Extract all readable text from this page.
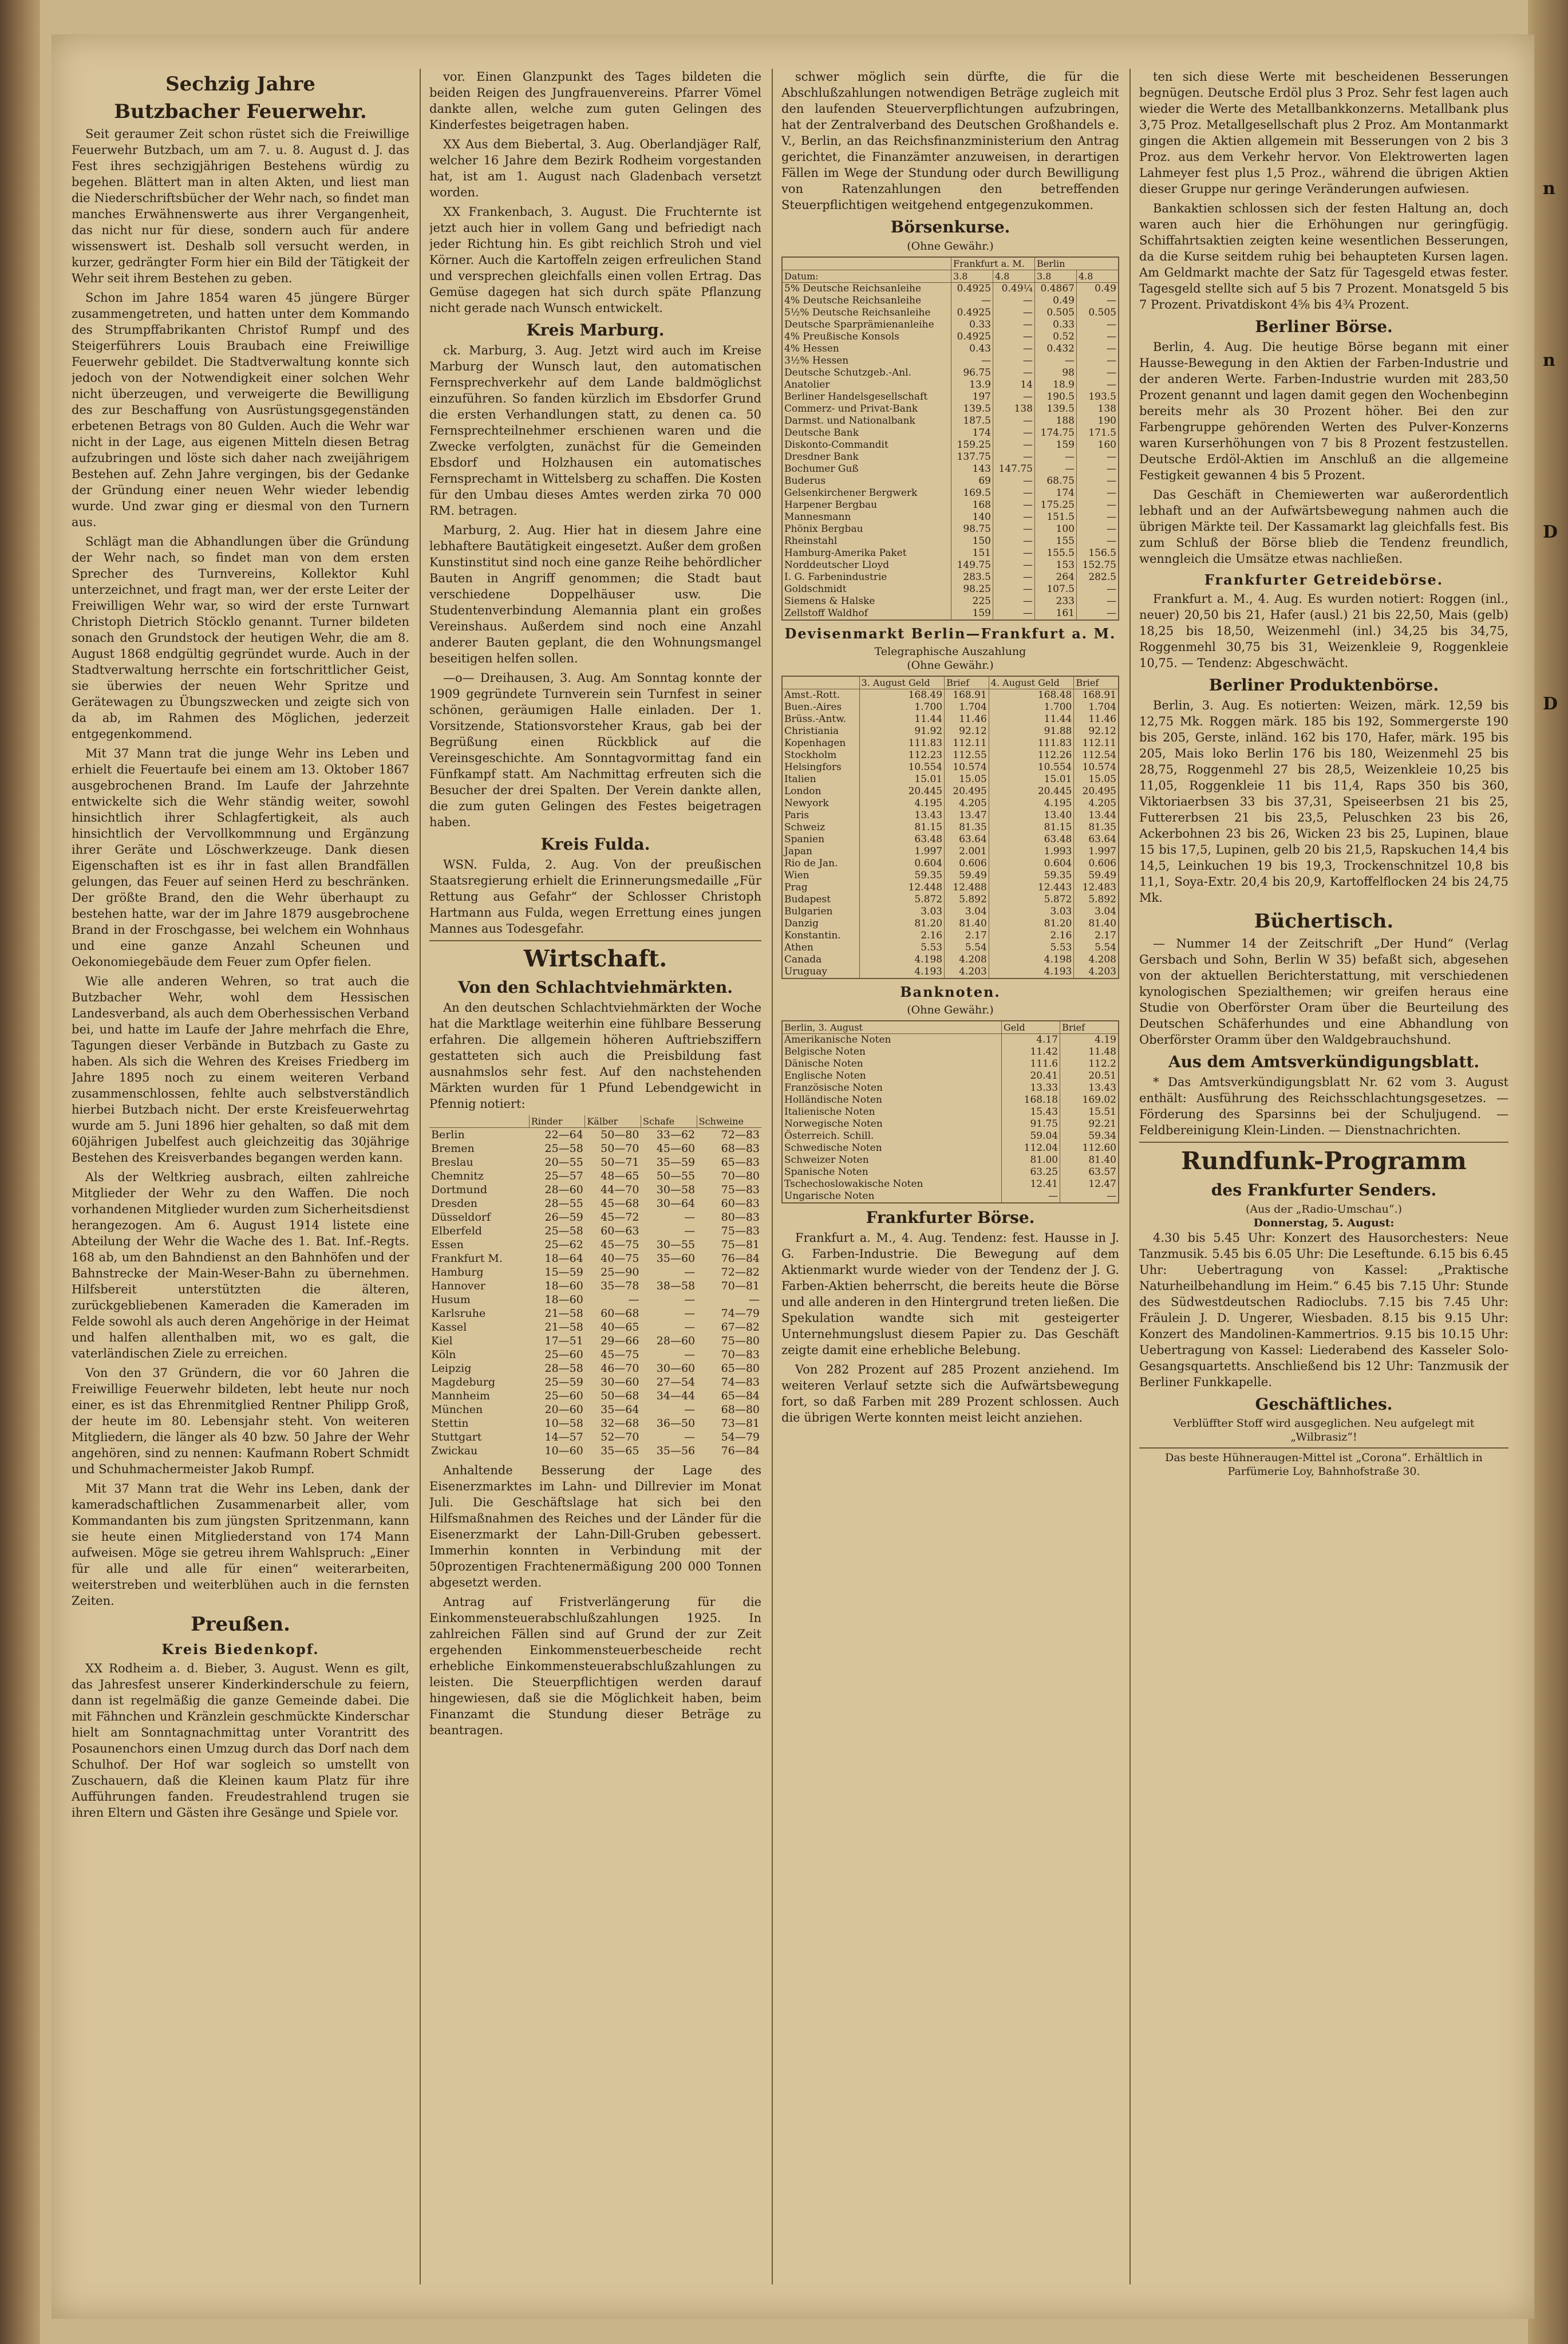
n
n
D
D
Sechzig Jahre
Butzbacher Feuerwehr.

Seit geraumer Zeit schon rüstet sich die Freiwillige Feuerwehr Butzbach, um am 7. u. 8. August d. J. das Fest ihres sechzigjährigen Bestehens würdig zu begehen. Blättert man in alten Akten, und liest man die Niederschriftsbücher der Wehr nach, so findet man manches Erwähnenswerte aus ihrer Vergangenheit, das nicht nur für diese, sondern auch für andere wissenswert ist. Deshalb soll versucht werden, in kurzer, gedrängter Form hier ein Bild der Tätigkeit der Wehr seit ihrem Bestehen zu geben.

Schon im Jahre 1854 waren 45 jüngere Bürger zusammengetreten, und hatten unter dem Kommando des Strumpffabrikanten Christof Rumpf und des Steigerführers Louis Braubach eine Freiwillige Feuerwehr gebildet. Die Stadtverwaltung konnte sich jedoch von der Notwendigkeit einer solchen Wehr nicht überzeugen, und verweigerte die Bewilligung des zur Beschaffung von Ausrüstungsgegenständen erbetenen Betrags von 80 Gulden. Auch die Wehr war nicht in der Lage, aus eigenen Mitteln diesen Betrag aufzubringen und löste sich daher nach zweijährigem Bestehen auf. Zehn Jahre vergingen, bis der Gedanke der Gründung einer neuen Wehr wieder lebendig wurde. Und zwar ging er diesmal von den Turnern aus.

Schlägt man die Abhandlungen über die Gründung der Wehr nach, so findet man von dem ersten Sprecher des Turnvereins, Kollektor Kuhl unterzeichnet, und fragt man, wer der erste Leiter der Freiwilligen Wehr war, so wird der erste Turnwart Christoph Dietrich Stöcklo genannt. Turner bildeten sonach den Grundstock der heutigen Wehr, die am 8. August 1868 endgültig gegründet wurde. Auch in der Stadtverwaltung herrschte ein fortschrittlicher Geist, sie überwies der neuen Wehr Spritze und Gerätewagen zu Übungszwecken und zeigte sich von da ab, im Rahmen des Möglichen, jederzeit entgegenkommend.

Mit 37 Mann trat die junge Wehr ins Leben und erhielt die Feuertaufe bei einem am 13. Oktober 1867 ausgebrochenen Brand. Im Laufe der Jahrzehnte entwickelte sich die Wehr ständig weiter, sowohl hinsichtlich ihrer Schlagfertigkeit, als auch hinsichtlich der Vervollkommnung und Ergänzung ihrer Geräte und Löschwerkzeuge. Dank diesen Eigenschaften ist es ihr in fast allen Brandfällen gelungen, das Feuer auf seinen Herd zu beschränken. Der größte Brand, den die Wehr überhaupt zu bestehen hatte, war der im Jahre 1879 ausgebrochene Brand in der Froschgasse, bei welchem ein Wohnhaus und eine ganze Anzahl Scheunen und Oekonomiegebäude dem Feuer zum Opfer fielen.

Wie alle anderen Wehren, so trat auch die Butzbacher Wehr, wohl dem Hessischen Landesverband, als auch dem Oberhessischen Verband bei, und hatte im Laufe der Jahre mehrfach die Ehre, Tagungen dieser Verbände in Butzbach zu Gaste zu haben. Als sich die Wehren des Kreises Friedberg im Jahre 1895 noch zu einem weiteren Verband zusammenschlossen, fehlte auch selbstverständlich hierbei Butzbach nicht. Der erste Kreisfeuerwehrtag wurde am 5. Juni 1896 hier gehalten, so daß mit dem 60jährigen Jubelfest auch gleichzeitig das 30jährige Bestehen des Kreisverbandes begangen werden kann.

Als der Weltkrieg ausbrach, eilten zahlreiche Mitglieder der Wehr zu den Waffen. Die noch vorhandenen Mitglieder wurden zum Sicherheitsdienst herangezogen. Am 6. August 1914 listete eine Abteilung der Wehr die Wache des 1. Bat. Inf.-Regts. 168 ab, um den Bahndienst an den Bahnhöfen und der Bahnstrecke der Main-Weser-Bahn zu übernehmen. Hilfsbereit unterstützten die älteren, zurückgebliebenen Kameraden die Kameraden im Felde sowohl als auch deren Angehörige in der Heimat und halfen allenthalben mit, wo es galt, die vaterländischen Ziele zu erreichen.

Von den 37 Gründern, die vor 60 Jahren die Freiwillige Feuerwehr bildeten, lebt heute nur noch einer, es ist das Ehrenmitglied Rentner Philipp Groß, der heute im 80. Lebensjahr steht. Von weiteren Mitgliedern, die länger als 40 bzw. 50 Jahre der Wehr angehören, sind zu nennen: Kaufmann Robert Schmidt und Schuhmachermeister Jakob Rumpf.

Mit 37 Mann trat die Wehr ins Leben, dank der kameradschaftlichen Zusammenarbeit aller, vom Kommandanten bis zum jüngsten Spritzenmann, kann sie heute einen Mitgliederstand von 174 Mann aufweisen. Möge sie getreu ihrem Wahlspruch: „Einer für alle und alle für einen“ weiterarbeiten, weiterstreben und weiterblühen auch in die fernsten Zeiten.

Preußen.
Kreis Biedenkopf.

XX Rodheim a. d. Bieber, 3. August. Wenn es gilt, das Jahresfest unserer Kinderkinderschule zu feiern, dann ist regelmäßig die ganze Gemeinde dabei. Die mit Fähnchen und Kränzlein geschmückte Kinderschar hielt am Sonntagnachmittag unter Vorantritt des Posaunenchors einen Umzug durch das Dorf nach dem Schulhof. Der Hof war sogleich so umstellt von Zuschauern, daß die Kleinen kaum Platz für ihre Aufführungen fanden. Freudestrahlend trugen sie ihren Eltern und Gästen ihre Gesänge und Spiele vor.

vor. Einen Glanzpunkt des Tages bildeten die beiden Reigen des Jungfrauenvereins. Pfarrer Vömel dankte allen, welche zum guten Gelingen des Kinderfestes beigetragen haben.

XX Aus dem Biebertal, 3. Aug. Oberlandjäger Ralf, welcher 16 Jahre dem Bezirk Rodheim vorgestanden hat, ist am 1. August nach Gladenbach versetzt worden.

XX Frankenbach, 3. August. Die Fruchternte ist jetzt auch hier in vollem Gang und befriedigt nach jeder Richtung hin. Es gibt reichlich Stroh und viel Körner. Auch die Kartoffeln zeigen erfreulichen Stand und versprechen gleichfalls einen vollen Ertrag. Das Gemüse dagegen hat sich durch späte Pflanzung nicht gerade nach Wunsch entwickelt.

Kreis Marburg.

ck. Marburg, 3. Aug. Jetzt wird auch im Kreise Marburg der Wunsch laut, den automatischen Fernsprechverkehr auf dem Lande baldmöglichst einzuführen. So fanden kürzlich im Ebsdorfer Grund die ersten Verhandlungen statt, zu denen ca. 50 Fernsprechteilnehmer erschienen waren und die Zwecke verfolgten, zunächst für die Gemeinden Ebsdorf und Holzhausen ein automatisches Fernsprechamt in Wittelsberg zu schaffen. Die Kosten für den Umbau dieses Amtes werden zirka 70 000 RM. betragen.

Marburg, 2. Aug. Hier hat in diesem Jahre eine lebhaftere Bautätigkeit eingesetzt. Außer dem großen Kunstinstitut sind noch eine ganze Reihe behördlicher Bauten in Angriff genommen; die Stadt baut verschiedene Doppelhäuser usw. Die Studentenverbindung Alemannia plant ein großes Vereinshaus. Außerdem sind noch eine Anzahl anderer Bauten geplant, die den Wohnungsmangel beseitigen helfen sollen.

—o— Dreihausen, 3. Aug. Am Sonntag konnte der 1909 gegründete Turnverein sein Turnfest in seiner schönen, geräumigen Halle einladen. Der 1. Vorsitzende, Stationsvorsteher Kraus, gab bei der Begrüßung einen Rückblick auf die Vereinsgeschichte. Am Sonntagvormittag fand ein Fünfkampf statt. Am Nachmittag erfreuten sich die Besucher der drei Spalten. Der Verein dankte allen, die zum guten Gelingen des Festes beigetragen haben.

Kreis Fulda.

WSN. Fulda, 2. Aug. Von der preußischen Staatsregierung erhielt die Erinnerungsmedaille „Für Rettung aus Gefahr“ der Schlosser Christoph Hartmann aus Fulda, wegen Errettung eines jungen Mannes aus Todesgefahr.

Wirtschaft.
Von den Schlachtviehmärkten.

An den deutschen Schlachtviehmärkten der Woche hat die Marktlage weiterhin eine fühlbare Besserung erfahren. Die allgemein höheren Auftriebsziffern gestatteten sich auch die Preisbildung fast ausnahmslos sehr fest. Auf den nachstehenden Märkten wurden für 1 Pfund Lebendgewicht in Pfennig notiert:

	Rinder	Kälber	Schafe	Schweine
Berlin	22—64	50—80	33—62	72—83
Bremen	25—58	50—70	45—60	68—83
Breslau	20—55	50—71	35—59	65—83
Chemnitz	25—57	48—65	50—55	70—80
Dortmund	28—60	44—70	30—58	75—83
Dresden	28—55	45—68	30—64	60—83
Düsseldorf	26—59	45—72	—	80—83
Elberfeld	25—58	60—63	—	75—83
Essen	25—62	45—75	30—55	75—81
Frankfurt M.	18—64	40—75	35—60	76—84
Hamburg	15—59	25—90	—	72—82
Hannover	18—60	35—78	38—58	70—81
Husum	18—60	—	—	—
Karlsruhe	21—58	60—68	—	74—79
Kassel	21—58	40—65	—	67—82
Kiel	17—51	29—66	28—60	75—80
Köln	25—60	45—75	—	70—83
Leipzig	28—58	46—70	30—60	65—80
Magdeburg	25—59	30—60	27—54	74—83
Mannheim	25—60	50—68	34—44	65—84
München	20—60	35—64	—	68—80
Stettin	10—58	32—68	36—50	73—81
Stuttgart	14—57	52—70	—	54—79
Zwickau	10—60	35—65	35—56	76—84

Anhaltende Besserung der Lage des Eisenerzmarktes im Lahn- und Dillrevier im Monat Juli. Die Geschäftslage hat sich bei den Hilfsmaßnahmen des Reiches und der Länder für die Eisenerzmarkt der Lahn-Dill-Gruben gebessert. Immerhin konnten in Verbindung mit der 50prozentigen Frachtenermäßigung 200 000 Tonnen abgesetzt werden.

Antrag auf Fristverlängerung für die Einkommensteuerabschlußzahlungen 1925. In zahlreichen Fällen sind auf Grund der zur Zeit ergehenden Einkommensteuerbescheide recht erhebliche Einkommensteuerabschlußzahlungen zu leisten. Die Steuerpflichtigen werden darauf hingewiesen, daß sie die Möglichkeit haben, beim Finanzamt die Stundung dieser Beträge zu beantragen.

schwer möglich sein dürfte, die für die Abschlußzahlungen notwendigen Beträge zugleich mit den laufenden Steuerverpflichtungen aufzubringen, hat der Zentralverband des Deutschen Großhandels e. V., Berlin, an das Reichsfinanzministerium den Antrag gerichtet, die Finanzämter anzuweisen, in derartigen Fällen im Wege der Stundung oder durch Bewilligung von Ratenzahlungen den betreffenden Steuerpflichtigen weitgehend entgegenzukommen.

Börsenkurse.
(Ohne Gewähr.)
	Frankfurt a. M.		Berlin	
Datum:	3.8	4.8	3.8	4.8
5% Deutsche Reichsanleihe	0.4925	0.49¼	0.4867	0.49
4% Deutsche Reichsanleihe	—	—	0.49	—
5½% Deutsche Reichsanleihe	0.4925	—	0.505	0.505
Deutsche Sparprämienanleihe	0.33	—	0.33	—
4% Preußische Konsols	0.4925	—	0.52	—
4% Hessen	0.43	—	0.432	—
3½% Hessen	—	—	—	—
Deutsche Schutzgeb.-Anl.	96.75	—	98	—
Anatolier	13.9	14	18.9	—
Berliner Handelsgesellschaft	197	—	190.5	193.5
Commerz- und Privat-Bank	139.5	138	139.5	138
Darmst. und Nationalbank	187.5	—	188	190
Deutsche Bank	174	—	174.75	171.5
Diskonto-Commandit	159.25	—	159	160
Dresdner Bank	137.75	—	—	—
Bochumer Guß	143	147.75	—	—
Buderus	69	—	68.75	—
Gelsenkirchener Bergwerk	169.5	—	174	—
Harpener Bergbau	168	—	175.25	—
Mannesmann	140	—	151.5	—
Phönix Bergbau	98.75	—	100	—
Rheinstahl	150	—	155	—
Hamburg-Amerika Paket	151	—	155.5	156.5
Norddeutscher Lloyd	149.75	—	153	152.75
I. G. Farbenindustrie	283.5	—	264	282.5
Goldschmidt	98.25	—	107.5	—
Siemens & Halske	225	—	233	—
Zellstoff Waldhof	159	—	161	—
Devisenmarkt Berlin—Frankfurt a. M.
Telegraphische Auszahlung
(Ohne Gewähr.)
	3. August Geld	Brief	4. August Geld	Brief
Amst.-Rott.	168.49	168.91	168.48	168.91
Buen.-Aires	1.700	1.704	1.700	1.704
Brüss.-Antw.	11.44	11.46	11.44	11.46
Christiania	91.92	92.12	91.88	92.12
Kopenhagen	111.83	112.11	111.83	112.11
Stockholm	112.23	112.55	112.26	112.54
Helsingfors	10.554	10.574	10.554	10.574
Italien	15.01	15.05	15.01	15.05
London	20.445	20.495	20.445	20.495
Newyork	4.195	4.205	4.195	4.205
Paris	13.43	13.47	13.40	13.44
Schweiz	81.15	81.35	81.15	81.35
Spanien	63.48	63.64	63.48	63.64
Japan	1.997	2.001	1.993	1.997
Rio de Jan.	0.604	0.606	0.604	0.606
Wien	59.35	59.49	59.35	59.49
Prag	12.448	12.488	12.443	12.483
Budapest	5.872	5.892	5.872	5.892
Bulgarien	3.03	3.04	3.03	3.04
Danzig	81.20	81.40	81.20	81.40
Konstantin.	2.16	2.17	2.16	2.17
Athen	5.53	5.54	5.53	5.54
Canada	4.198	4.208	4.198	4.208
Uruguay	4.193	4.203	4.193	4.203
Banknoten.
(Ohne Gewähr.)
Berlin, 3. August	Geld	Brief
Amerikanische Noten	4.17	4.19
Belgische Noten	11.42	11.48
Dänische Noten	111.6	112.2
Englische Noten	20.41	20.51
Französische Noten	13.33	13.43
Holländische Noten	168.18	169.02
Italienische Noten	15.43	15.51
Norwegische Noten	91.75	92.21
Österreich. Schill.	59.04	59.34
Schwedische Noten	112.04	112.60
Schweizer Noten	81.00	81.40
Spanische Noten	63.25	63.57
Tschechoslowakische Noten	12.41	12.47
Ungarische Noten	—	—
Frankfurter Börse.

Frankfurt a. M., 4. Aug. Tendenz: fest. Hausse in J. G. Farben-Industrie. Die Bewegung auf dem Aktienmarkt wurde wieder von der Tendenz der J. G. Farben-Aktien beherrscht, die bereits heute die Börse und alle anderen in den Hintergrund treten ließen. Die Spekulation wandte sich mit gesteigerter Unternehmungslust diesem Papier zu. Das Geschäft zeigte damit eine erhebliche Belebung.

Von 282 Prozent auf 285 Prozent anziehend. Im weiteren Verlauf setzte sich die Aufwärtsbewegung fort, so daß Farben mit 289 Prozent schlossen. Auch die übrigen Werte konnten meist leicht anziehen.

ten sich diese Werte mit bescheidenen Besserungen begnügen. Deutsche Erdöl plus 3 Proz. Sehr fest lagen auch wieder die Werte des Metallbankkonzerns. Metallbank plus 3,75 Proz. Metallgesellschaft plus 2 Proz. Am Montanmarkt gingen die Aktien allgemein mit Besserungen von 2 bis 3 Proz. aus dem Verkehr hervor. Von Elektrowerten lagen Lahmeyer fest plus 1,5 Proz., während die übrigen Aktien dieser Gruppe nur geringe Veränderungen aufwiesen.

Bankaktien schlossen sich der festen Haltung an, doch waren auch hier die Erhöhungen nur geringfügig. Schiffahrtsaktien zeigten keine wesentlichen Besserungen, da die Kurse seitdem ruhig bei behaupteten Kursen lagen. Am Geldmarkt machte der Satz für Tagesgeld etwas fester. Tagesgeld stellte sich auf 5 bis 7 Prozent. Monatsgeld 5 bis 7 Prozent. Privatdiskont 4⅝ bis 4¾ Prozent.

Berliner Börse.

Berlin, 4. Aug. Die heutige Börse begann mit einer Hausse-Bewegung in den Aktien der Farben-Industrie und der anderen Werte. Farben-Industrie wurden mit 283,50 Prozent genannt und lagen damit gegen den Wochenbeginn bereits mehr als 30 Prozent höher. Bei den zur Farbengruppe gehörenden Werten des Pulver-Konzerns waren Kurserhöhungen von 7 bis 8 Prozent festzustellen. Deutsche Erdöl-Aktien im Anschluß an die allgemeine Festigkeit gewannen 4 bis 5 Prozent.

Das Geschäft in Chemiewerten war außerordentlich lebhaft und an der Aufwärtsbewegung nahmen auch die übrigen Märkte teil. Der Kassamarkt lag gleichfalls fest. Bis zum Schluß der Börse blieb die Tendenz freundlich, wenngleich die Umsätze etwas nachließen.

Frankfurter Getreidebörse.

Frankfurt a. M., 4. Aug. Es wurden notiert: Roggen (inl., neuer) 20,50 bis 21, Hafer (ausl.) 21 bis 22,50, Mais (gelb) 18,25 bis 18,50, Weizenmehl (inl.) 34,25 bis 34,75, Roggenmehl 30,75 bis 31, Weizenkleie 9, Roggenkleie 10,75. — Tendenz: Abgeschwächt.

Berliner Produktenbörse.

Berlin, 3. Aug. Es notierten: Weizen, märk. 12,59 bis 12,75 Mk. Roggen märk. 185 bis 192, Sommergerste 190 bis 205, Gerste, inländ. 162 bis 170, Hafer, märk. 195 bis 205, Mais loko Berlin 176 bis 180, Weizenmehl 25 bis 28,75, Roggenmehl 27 bis 28,5, Weizenkleie 10,25 bis 11,05, Roggenkleie 11 bis 11,4, Raps 350 bis 360, Viktoriaerbsen 33 bis 37,31, Speiseerbsen 21 bis 25, Futtererbsen 21 bis 23,5, Peluschken 23 bis 26, Ackerbohnen 23 bis 26, Wicken 23 bis 25, Lupinen, blaue 15 bis 17,5, Lupinen, gelb 20 bis 21,5, Rapskuchen 14,4 bis 14,5, Leinkuchen 19 bis 19,3, Trockenschnitzel 10,8 bis 11,1, Soya-Extr. 20,4 bis 20,9, Kartoffelflocken 24 bis 24,75 Mk.

Büchertisch.

— Nummer 14 der Zeitschrift „Der Hund“ (Verlag Gersbach und Sohn, Berlin W 35) befaßt sich, abgesehen von der aktuellen Berichterstattung, mit verschiedenen kynologischen Spezialthemen; wir greifen heraus eine Studie von Oberförster Oram über die Beurteilung des Deutschen Schäferhundes und eine Abhandlung von Oberförster Oramm über den Waldgebrauchshund.

Aus dem Amtsverkündigungsblatt.

* Das Amtsverkündigungsblatt Nr. 62 vom 3. August enthält: Ausführung des Reichsschlachtungsgesetzes. — Förderung des Sparsinns bei der Schuljugend. — Feldbereinigung Klein-Linden. — Dienstnachrichten.

Rundfunk-Programm
des Frankfurter Senders.
(Aus der „Radio-Umschau“.)
Donnerstag, 5. August:

4.30 bis 5.45 Uhr: Konzert des Hausorchesters: Neue Tanzmusik. 5.45 bis 6.05 Uhr: Die Leseftunde. 6.15 bis 6.45 Uhr: Uebertragung von Kassel: „Praktische Naturheilbehandlung im Heim.“ 6.45 bis 7.15 Uhr: Stunde des Südwestdeutschen Radioclubs. 7.15 bis 7.45 Uhr: Fräulein J. D. Ungerer, Wiesbaden. 8.15 bis 9.15 Uhr: Konzert des Mandolinen-Kammertrios. 9.15 bis 10.15 Uhr: Uebertragung von Kassel: Liederabend des Kasseler Solo-Gesangsquartetts. Anschließend bis 12 Uhr: Tanzmusik der Berliner Funkkapelle.

Geschäftliches.
Verblüffter Stoff wird ausgeglichen. Neu aufgelegt mit „Wilbrasiz“!
Das beste Hühneraugen-Mittel ist „Corona“. Erhältlich in Parfümerie Loy, Bahnhofstraße 30.
